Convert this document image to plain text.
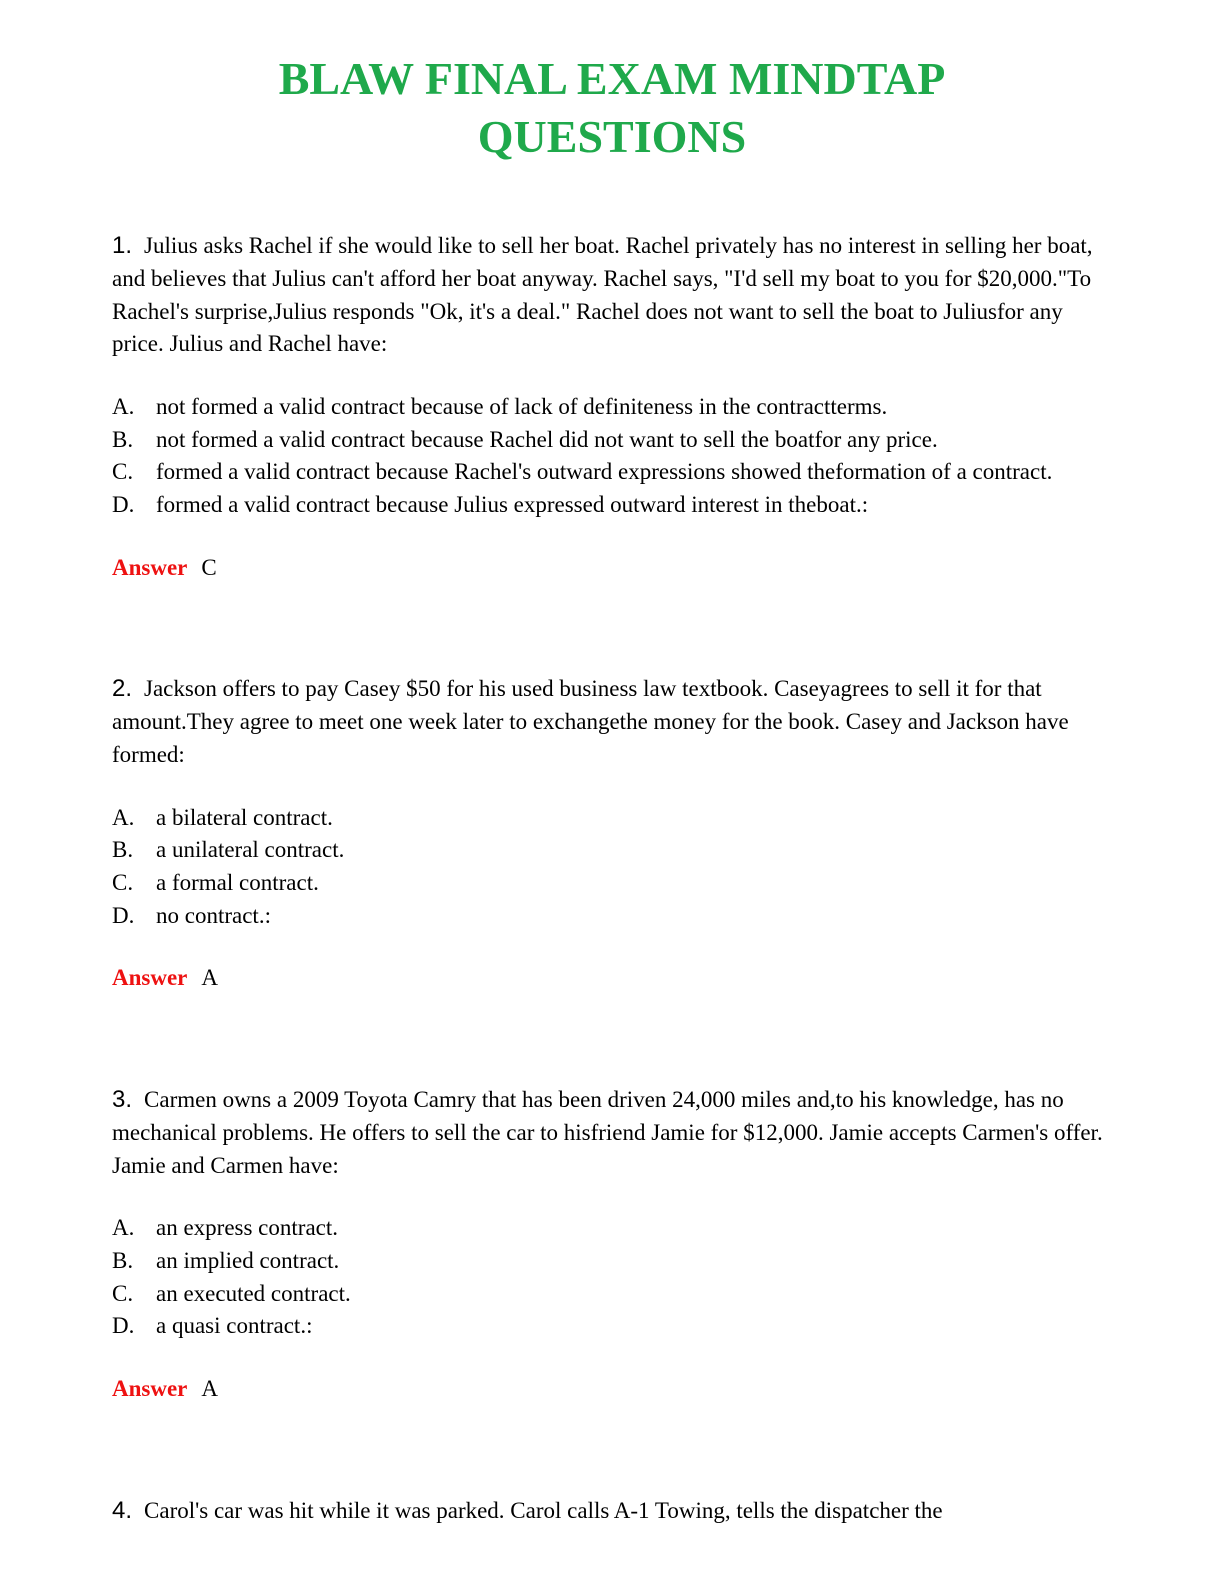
BLAW FINAL EXAM MINDTAP
QUESTIONS

1. Julius asks Rachel if she would like to sell her boat. Rachel privately has no interest in selling her boat, and believes that Julius can't afford her boat anyway. Rachel says, "I'd sell my boat to you for $20,000."To Rachel's surprise,Julius responds "Ok, it's a deal." Rachel does not want to sell the boat to Juliusfor any price. Julius and Rachel have:

A. not formed a valid contract because of lack of definiteness in the contractterms.

B. not formed a valid contract because Rachel did not want to sell the boatfor any price.

C. formed a valid contract because Rachel's outward expressions showed theformation of a contract.

D. formed a valid contract because Julius expressed outward interest in theboat.:

Answer C

2. Jackson offers to pay Casey $50 for his used business law textbook. Caseyagrees to sell it for that amount.They agree to meet one week later to exchangethe money for the book. Casey and Jackson have formed:

A. a bilateral contract.

B. a unilateral contract.

C. a formal contract.

D. no contract.:

Answer A

3. Carmen owns a 2009 Toyota Camry that has been driven 24,000 miles and,to his knowledge, has no mechanical problems. He offers to sell the car to hisfriend Jamie for $12,000. Jamie accepts Carmen's offer. Jamie and Carmen have:

A. an express contract.

B. an implied contract.

C. an executed contract.

D. a quasi contract.:

Answer A

4. Carol's car was hit while it was parked. Carol calls A-1 Towing, tells the dispatcher the
